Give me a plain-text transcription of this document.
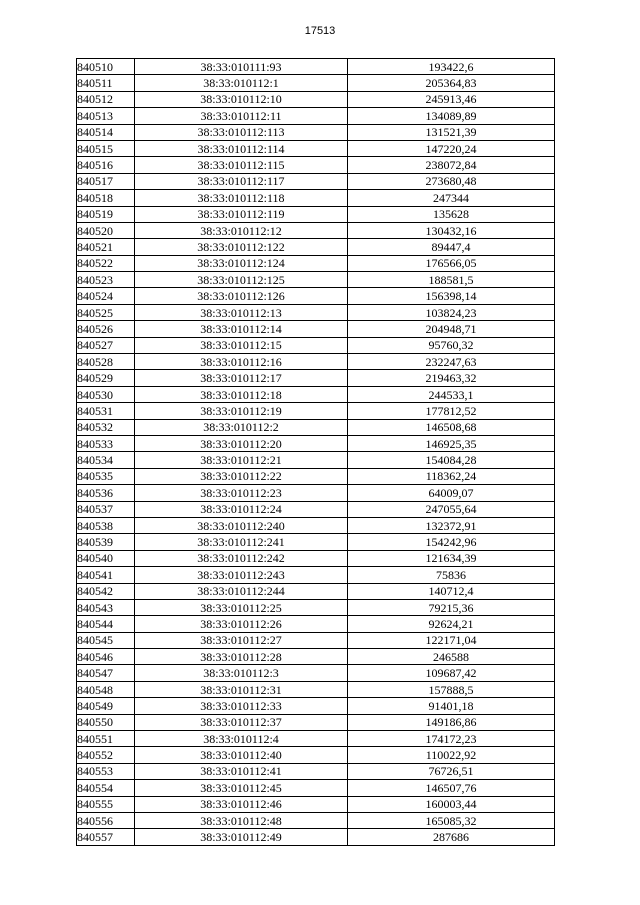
17513
840510	38:33:010111:93	193422,6
840511	38:33:010112:1	205364,83
840512	38:33:010112:10	245913,46
840513	38:33:010112:11	134089,89
840514	38:33:010112:113	131521,39
840515	38:33:010112:114	147220,24
840516	38:33:010112:115	238072,84
840517	38:33:010112:117	273680,48
840518	38:33:010112:118	247344
840519	38:33:010112:119	135628
840520	38:33:010112:12	130432,16
840521	38:33:010112:122	89447,4
840522	38:33:010112:124	176566,05
840523	38:33:010112:125	188581,5
840524	38:33:010112:126	156398,14
840525	38:33:010112:13	103824,23
840526	38:33:010112:14	204948,71
840527	38:33:010112:15	95760,32
840528	38:33:010112:16	232247,63
840529	38:33:010112:17	219463,32
840530	38:33:010112:18	244533,1
840531	38:33:010112:19	177812,52
840532	38:33:010112:2	146508,68
840533	38:33:010112:20	146925,35
840534	38:33:010112:21	154084,28
840535	38:33:010112:22	118362,24
840536	38:33:010112:23	64009,07
840537	38:33:010112:24	247055,64
840538	38:33:010112:240	132372,91
840539	38:33:010112:241	154242,96
840540	38:33:010112:242	121634,39
840541	38:33:010112:243	75836
840542	38:33:010112:244	140712,4
840543	38:33:010112:25	79215,36
840544	38:33:010112:26	92624,21
840545	38:33:010112:27	122171,04
840546	38:33:010112:28	246588
840547	38:33:010112:3	109687,42
840548	38:33:010112:31	157888,5
840549	38:33:010112:33	91401,18
840550	38:33:010112:37	149186,86
840551	38:33:010112:4	174172,23
840552	38:33:010112:40	110022,92
840553	38:33:010112:41	76726,51
840554	38:33:010112:45	146507,76
840555	38:33:010112:46	160003,44
840556	38:33:010112:48	165085,32
840557	38:33:010112:49	287686
